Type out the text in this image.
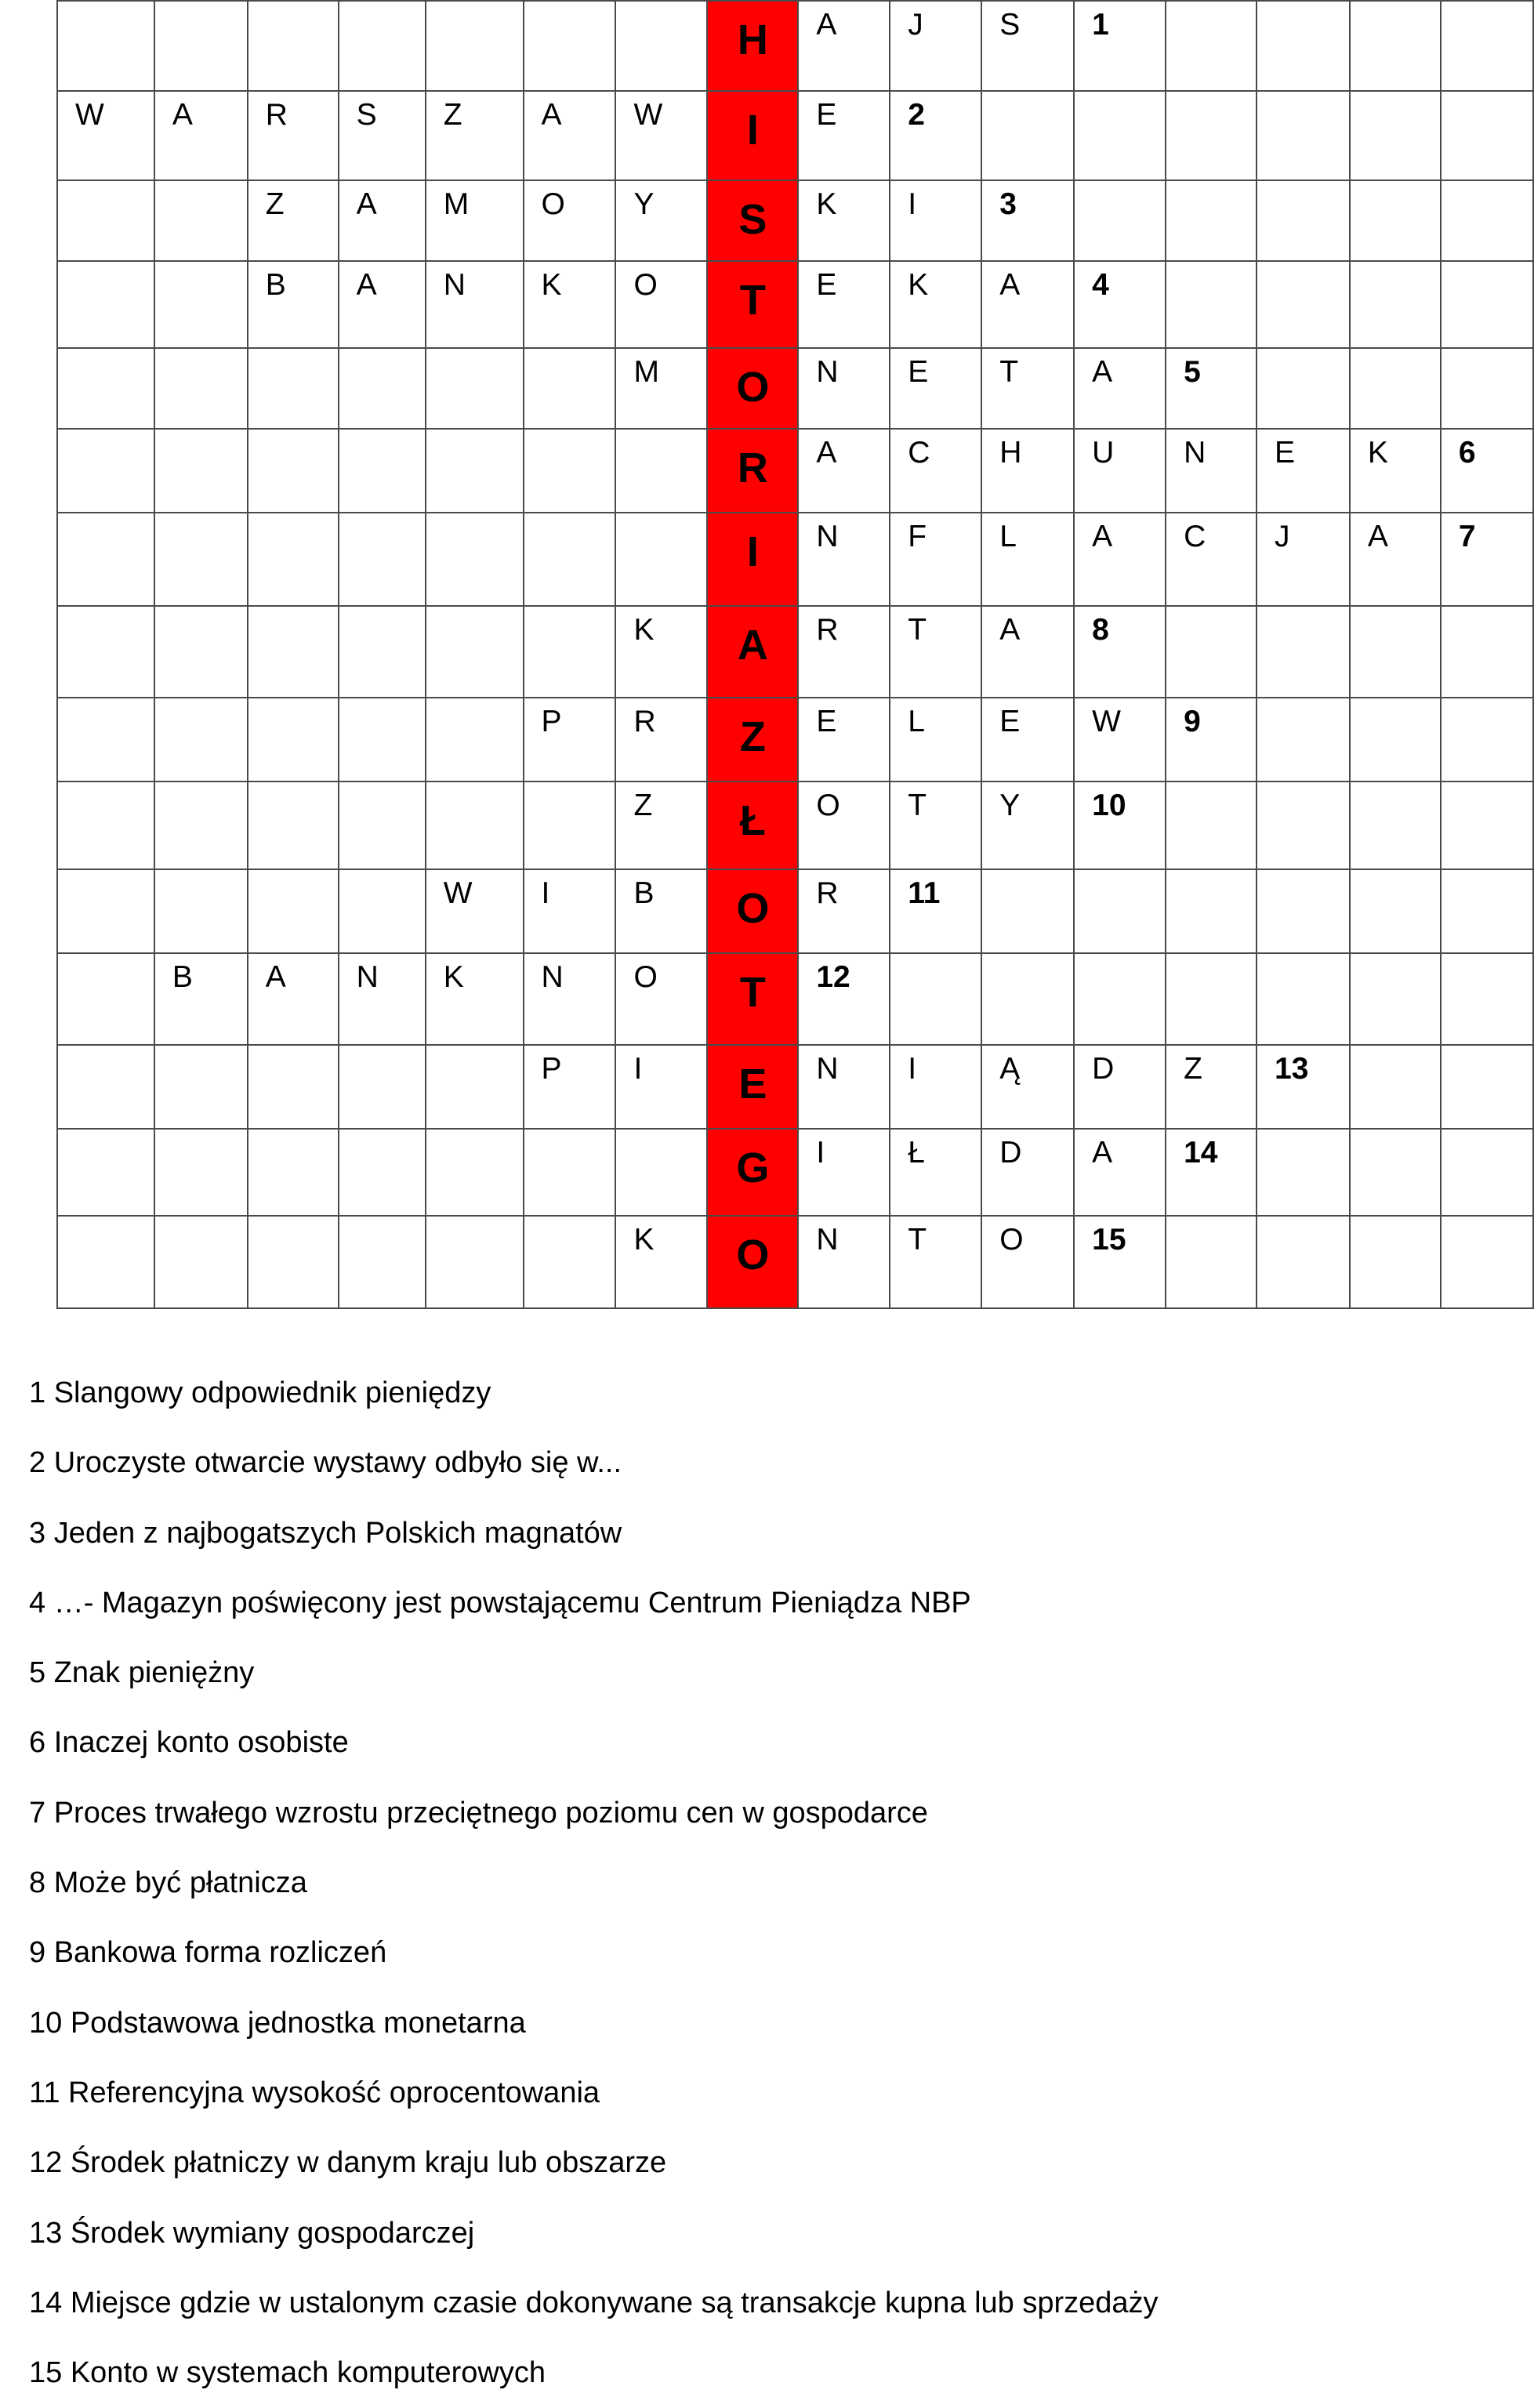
							H	A	J	S	1				

W	A	R	S	Z	A	W	I	E	2						

		Z	A	M	O	Y	S	K	I	3					

		B	A	N	K	O	T	E	K	A	4				

						M	O	N	E	T	A	5			

							R	A	C	H	U	N	E	K	6

							I	N	F	L	A	C	J	A	7

						K	A	R	T	A	8				

					P	R	Z	E	L	E	W	9			

						Z	Ł	O	T	Y	10				

				W	I	B	O	R	11						

	B	A	N	K	N	O	T	12							

					P	I	E	N	I	Ą	D	Z	13		

							G	I	Ł	D	A	14			

						K	O	N	T	O	15				

1 Slangowy odpowiednik pieniędzy
2 Uroczyste otwarcie wystawy odbyło się w...
3 Jeden z najbogatszych Polskich magnatów
4 …- Magazyn poświęcony jest powstającemu Centrum Pieniądza NBP
5 Znak pieniężny
6 Inaczej konto osobiste
7 Proces trwałego wzrostu przeciętnego poziomu cen w gospodarce
8 Może być płatnicza
9 Bankowa forma rozliczeń
10 Podstawowa jednostka monetarna
11 Referencyjna wysokość oprocentowania
12 Środek płatniczy w danym kraju lub obszarze
13 Środek wymiany gospodarczej
14 Miejsce gdzie w ustalonym czasie dokonywane są transakcje kupna lub sprzedaży
15 Konto w systemach komputerowych
